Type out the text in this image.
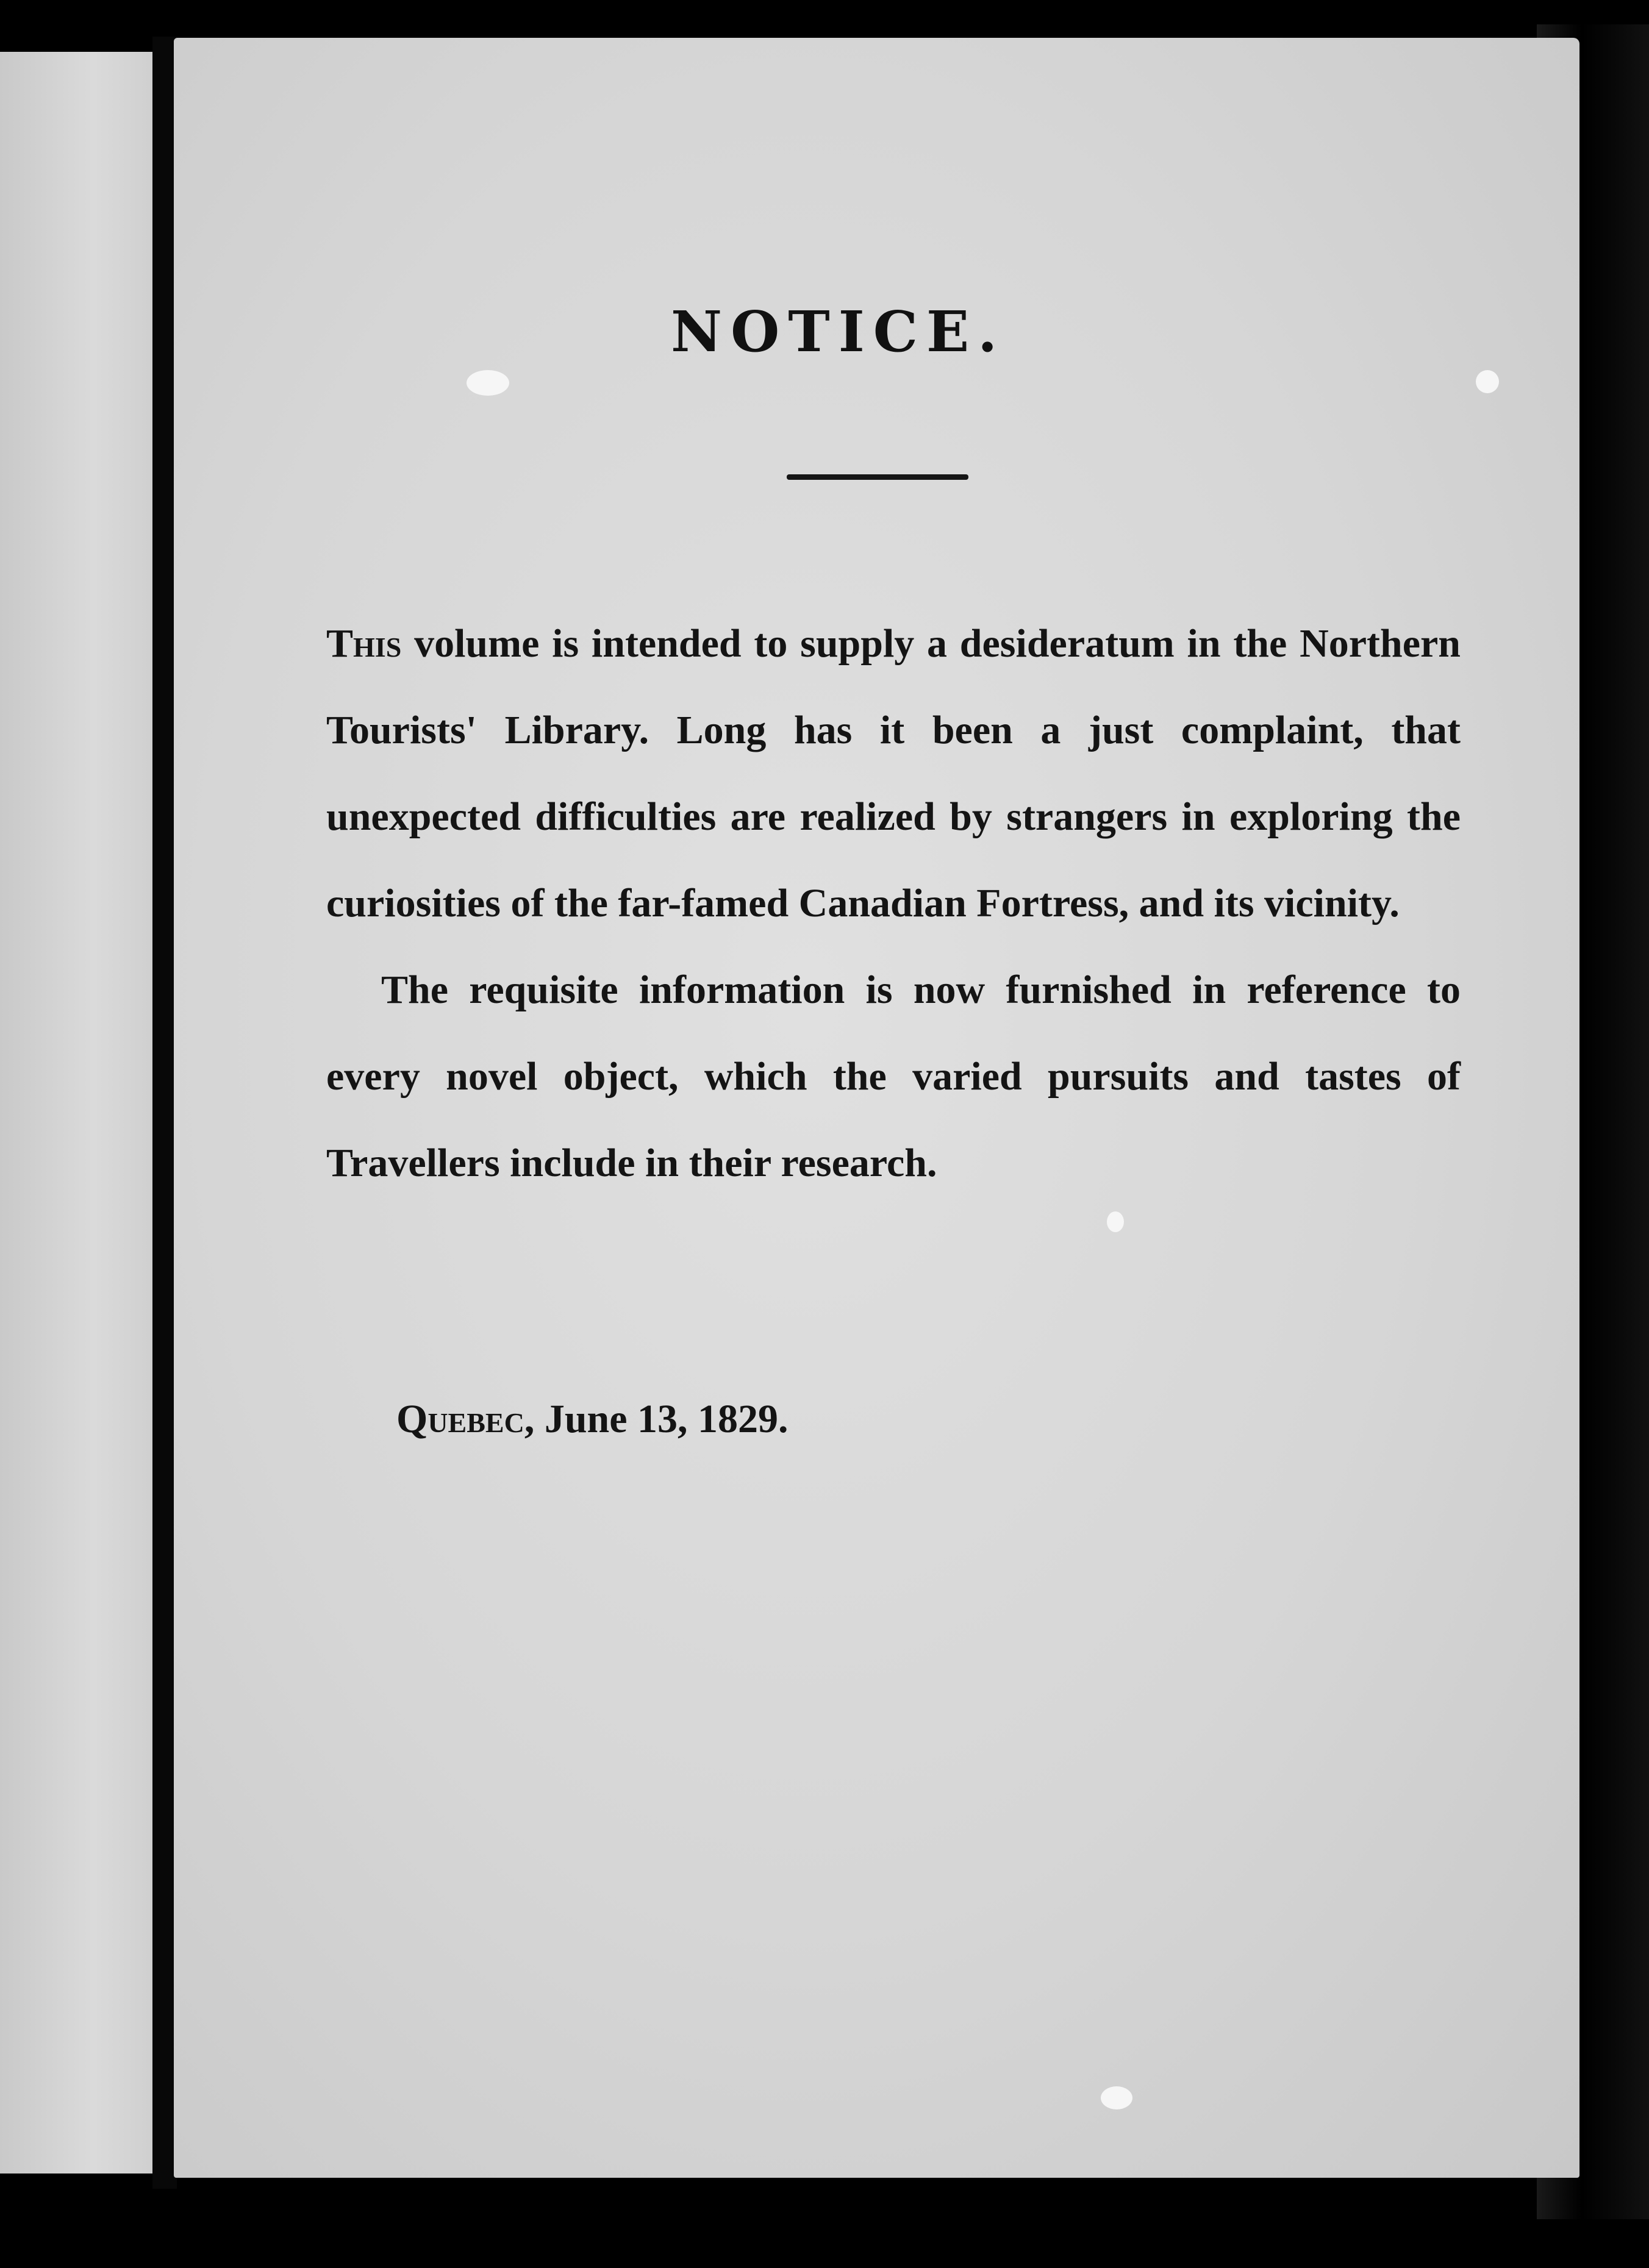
NOTICE.

This volume is intended to supply a desideratum in the Northern Tourists' Library. Long has it been a just complaint, that unexpected difficulties are realized by strangers in exploring the curiosities of the far-famed Canadian Fortress, and its vicinity.

The requisite information is now furnished in reference to every novel object, which the varied pursuits and tastes of Travellers include in their research.

Quebec, June 13, 1829.
